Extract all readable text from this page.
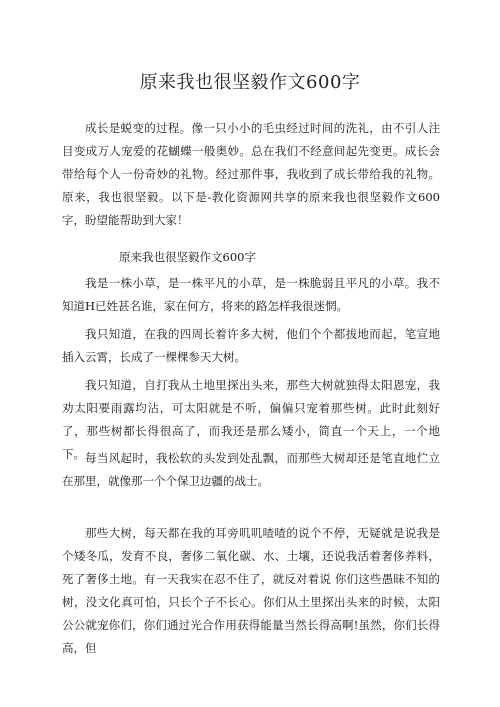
原来我也很坚毅作文600字

成长是蜕变的过程。像一只小小的毛虫经过时间的洗礼，由不引人注目变成万人宠爱的花蝴蝶一般奥妙。总在我们不经意间起先变更。成长会带给每个人一份奇妙的礼物。经过那件事，我收到了成长带给我的礼物。原来，我也很坚毅。以下是-教化资源网共享的原来我也很坚毅作文600字，盼望能帮助到大家！

原来我也很坚毅作文600字

我是一株小草，是一株平凡的小草，是一株脆弱且平凡的小草。我不知道H已姓甚名谁，家在何方，将来的路怎样我很迷惘。

我只知道，在我的四周长着许多大树，他们个个都拔地而起，笔宣地插入云霄，长成了一棵棵参天大树。

我只知道，自打我从土地里探出头来，那些大树就独得太阳恩宠，我劝太阳要雨露均沾，可太阳就是不听，偏偏只宠着那些树。此时此刻好了，那些树都长得很高了，而我还是那么矮小，简直一个天上，一个地下。 每当风起时，我松软的头发到处乱飘，而那些大树却还是笔直地伫立在那里，就像那一个个保卫边疆的战士。

那些大树，每天都在我的耳旁叽叽喳喳的说个不停，无疑就是说我是个矮冬瓜，发育不良，奢侈二氧化碳、水、土壤，还说我活着奢侈养料，死了奢侈土地。有一天我实在忍不住了，就反对着说 你们这些愚昧不知的树，没文化真可怕，只长个子不长心。你们从土里探出头来的时候，太阳公公就宠你们，你们通过光合作用获得能量当然长得高啊!虽然，你们长得高，但
